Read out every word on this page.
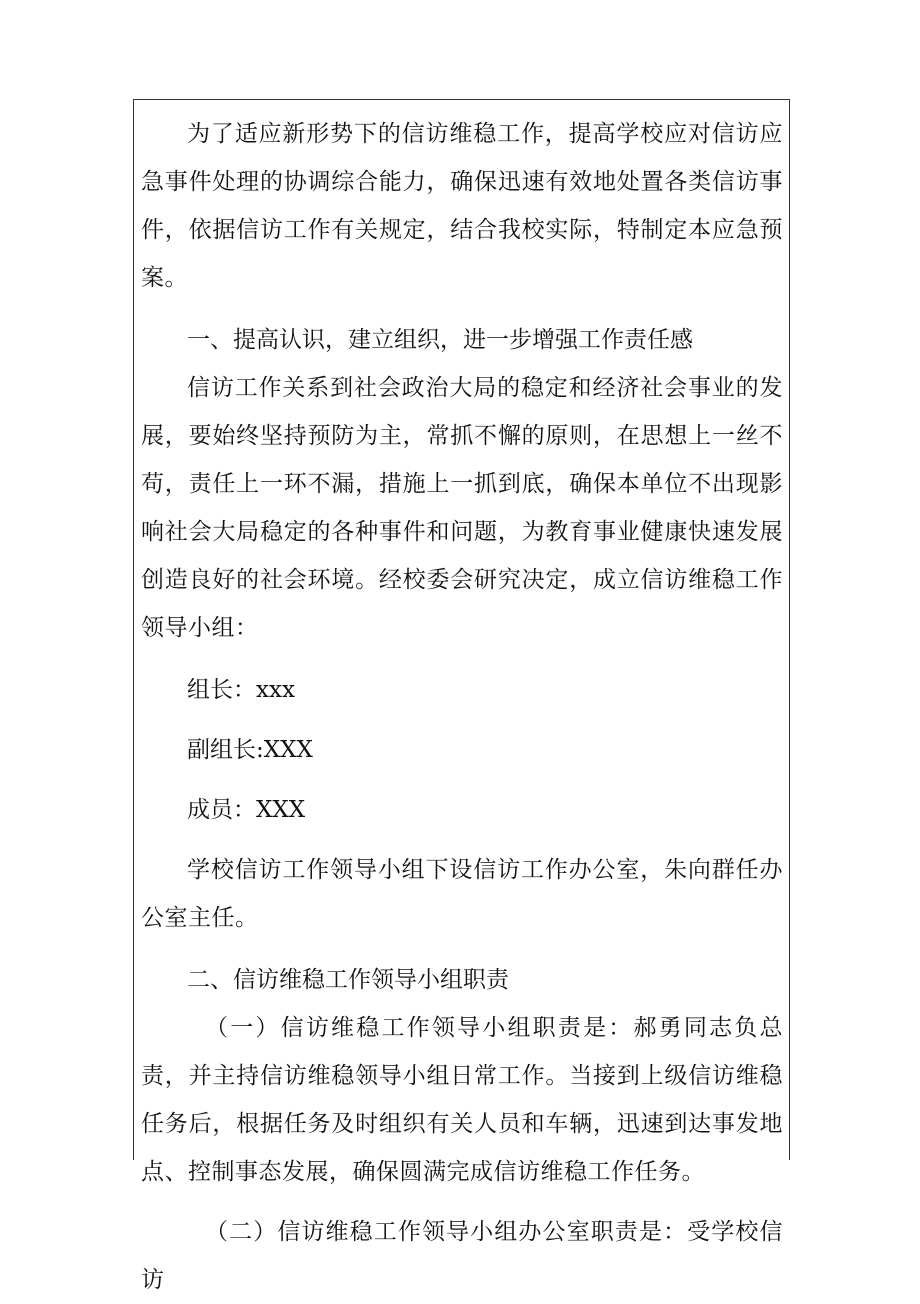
为了适应新形势下的信访维稳工作，提高学校应对信访应急事件处理的协调综合能力，确保迅速有效地处置各类信访事件，依据信访工作有关规定，结合我校实际，特制定本应急预案。

一、提高认识，建立组织，进一步增强工作责任感

信访工作关系到社会政治大局的稳定和经济社会事业的发展，要始终坚持预防为主，常抓不懈的原则，在思想上一丝不苟，责任上一环不漏，措施上一抓到底，确保本单位不出现影响社会大局稳定的各种事件和问题，为教育事业健康快速发展创造良好的社会环境。经校委会研究决定，成立信访维稳工作领导小组：

组长：xxx

副组长:XXX

成员：XXX

学校信访工作领导小组下设信访工作办公室，朱向群任办公室主任。

二、信访维稳工作领导小组职责

（一）信访维稳工作领导小组职责是：郝勇同志负总责，并主持信访维稳领导小组日常工作。当接到上级信访维稳任务后，根据任务及时组织有关人员和车辆，迅速到达事发地点、控制事态发展，确保圆满完成信访维稳工作任务。

（二）信访维稳工作领导小组办公室职责是：受学校信访
